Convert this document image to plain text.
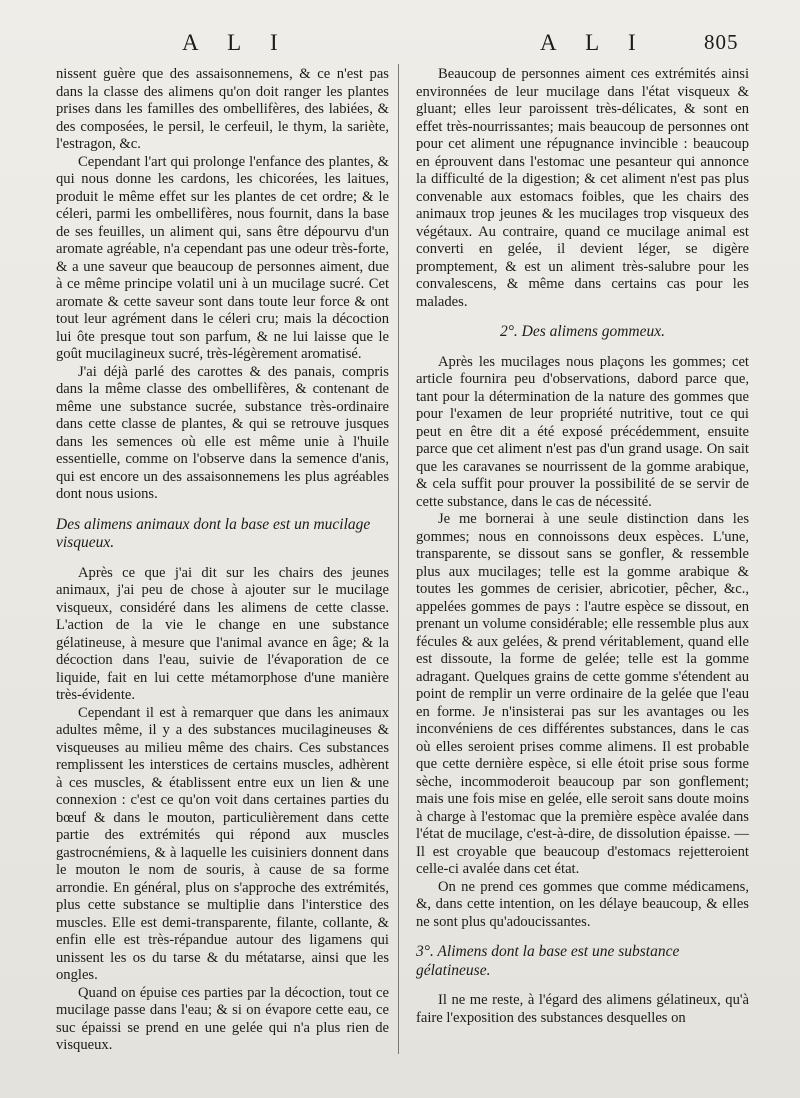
A L I	A L I	805

nissent guère que des assaisonnemens, & ce n'est pas dans la classe des alimens qu'on doit ranger les plantes prises dans les familles des ombellifères, des labiées, & des composées, le persil, le cerfeuil, le thym, la sariète, l'estragon, &c.

Cependant l'art qui prolonge l'enfance des plantes, & qui nous donne les cardons, les chicorées, les laitues, produit le même effet sur les plantes de cet ordre; & le céleri, parmi les ombellifères, nous fournit, dans la base de ses feuilles, un aliment qui, sans être dépourvu d'un aromate agréable, n'a cependant pas une odeur très-forte, & a une saveur que beaucoup de personnes aiment, due à ce même principe volatil uni à un mucilage sucré. Cet aromate & cette saveur sont dans toute leur force & ont tout leur agrément dans le céleri cru; mais la décoction lui ôte presque tout son parfum, & ne lui laisse que le goût mucilagineux sucré, très-légèrement aromatisé.

J'ai déjà parlé des carottes & des panais, compris dans la même classe des ombellifères, & contenant de même une substance sucrée, substance très-ordinaire dans cette classe de plantes, & qui se retrouve jusques dans les semences où elle est même unie à l'huile essentielle, comme on l'observe dans la semence d'anis, qui est encore un des assaisonnemens les plus agréables dont nous usions.

Des alimens animaux dont la base est un mucilage visqueux.

Après ce que j'ai dit sur les chairs des jeunes animaux, j'ai peu de chose à ajouter sur le mucilage visqueux, considéré dans les alimens de cette classe. L'action de la vie le change en une substance gélatineuse, à mesure que l'animal avance en âge; & la décoction dans l'eau, suivie de l'évaporation de ce liquide, fait en lui cette métamorphose d'une manière très-évidente.

Cependant il est à remarquer que dans les animaux adultes même, il y a des substances mucilagineuses & visqueuses au milieu même des chairs. Ces substances remplissent les interstices de certains muscles, adhèrent à ces muscles, & établissent entre eux un lien & une connexion : c'est ce qu'on voit dans certaines parties du bœuf & dans le mouton, particulièrement dans cette partie des extrémités qui répond aux muscles gastrocnémiens, & à laquelle les cuisiniers donnent dans le mouton le nom de souris, à cause de sa forme arrondie. En général, plus on s'approche des extrémités, plus cette substance se multiplie dans l'interstice des muscles. Elle est demi-transparente, filante, collante, & enfin elle est très-répandue autour des ligamens qui unissent les os du tarse & du métatarse, ainsi que les ongles.

Quand on épuise ces parties par la décoction, tout ce mucilage passe dans l'eau; & si on évapore cette eau, ce suc épaissi se prend en une gelée qui n'a plus rien de visqueux.

Beaucoup de personnes aiment ces extrémités ainsi environnées de leur mucilage dans l'état visqueux & gluant; elles leur paroissent très-délicates, & sont en effet très-nourrissantes; mais beaucoup de personnes ont pour cet aliment une répugnance invincible : beaucoup en éprouvent dans l'estomac une pesanteur qui annonce la difficulté de la digestion; & cet aliment n'est pas plus convenable aux estomacs foibles, que les chairs des animaux trop jeunes & les mucilages trop visqueux des végétaux. Au contraire, quand ce mucilage animal est converti en gelée, il devient léger, se digère promptement, & est un aliment très-salubre pour les convalescens, & même dans certains cas pour les malades.

2°. Des alimens gommeux.

Après les mucilages nous plaçons les gommes; cet article fournira peu d'observations, dabord parce que, tant pour la détermination de la nature des gommes que pour l'examen de leur propriété nutritive, tout ce qui peut en être dit a été exposé précédemment, ensuite parce que cet aliment n'est pas d'un grand usage. On sait que les caravanes se nourrissent de la gomme arabique, & cela suffit pour prouver la possibilité de se servir de cette substance, dans le cas de nécessité.

Je me bornerai à une seule distinction dans les gommes; nous en connoissons deux espèces. L'une, transparente, se dissout sans se gonfler, & ressemble plus aux mucilages; telle est la gomme arabique & toutes les gommes de cerisier, abricotier, pêcher, &c., appelées gommes de pays : l'autre espèce se dissout, en prenant un volume considérable; elle ressemble plus aux fécules & aux gelées, & prend véritablement, quand elle est dissoute, la forme de gelée; telle est la gomme adragant. Quelques grains de cette gomme s'étendent au point de remplir un verre ordinaire de la gelée que l'eau en forme. Je n'insisterai pas sur les avantages ou les inconvéniens de ces différentes substances, dans le cas où elles seroient prises comme alimens. Il est probable que cette dernière espèce, si elle étoit prise sous forme sèche, incommoderoit beaucoup par son gonflement; mais une fois mise en gelée, elle seroit sans doute moins à charge à l'estomac que la première espèce avalée dans l'état de mucilage, c'est-à-dire, de dissolution épaisse. — Il est croyable que beaucoup d'estomacs rejetteroient celle-ci avalée dans cet état.

On ne prend ces gommes que comme médicamens, &, dans cette intention, on les délaye beaucoup, & elles ne sont plus qu'adoucissantes.

3°. Alimens dont la base est une substance gélatineuse.

Il ne me reste, à l'égard des alimens gélatineux, qu'à faire l'exposition des substances desquelles on
